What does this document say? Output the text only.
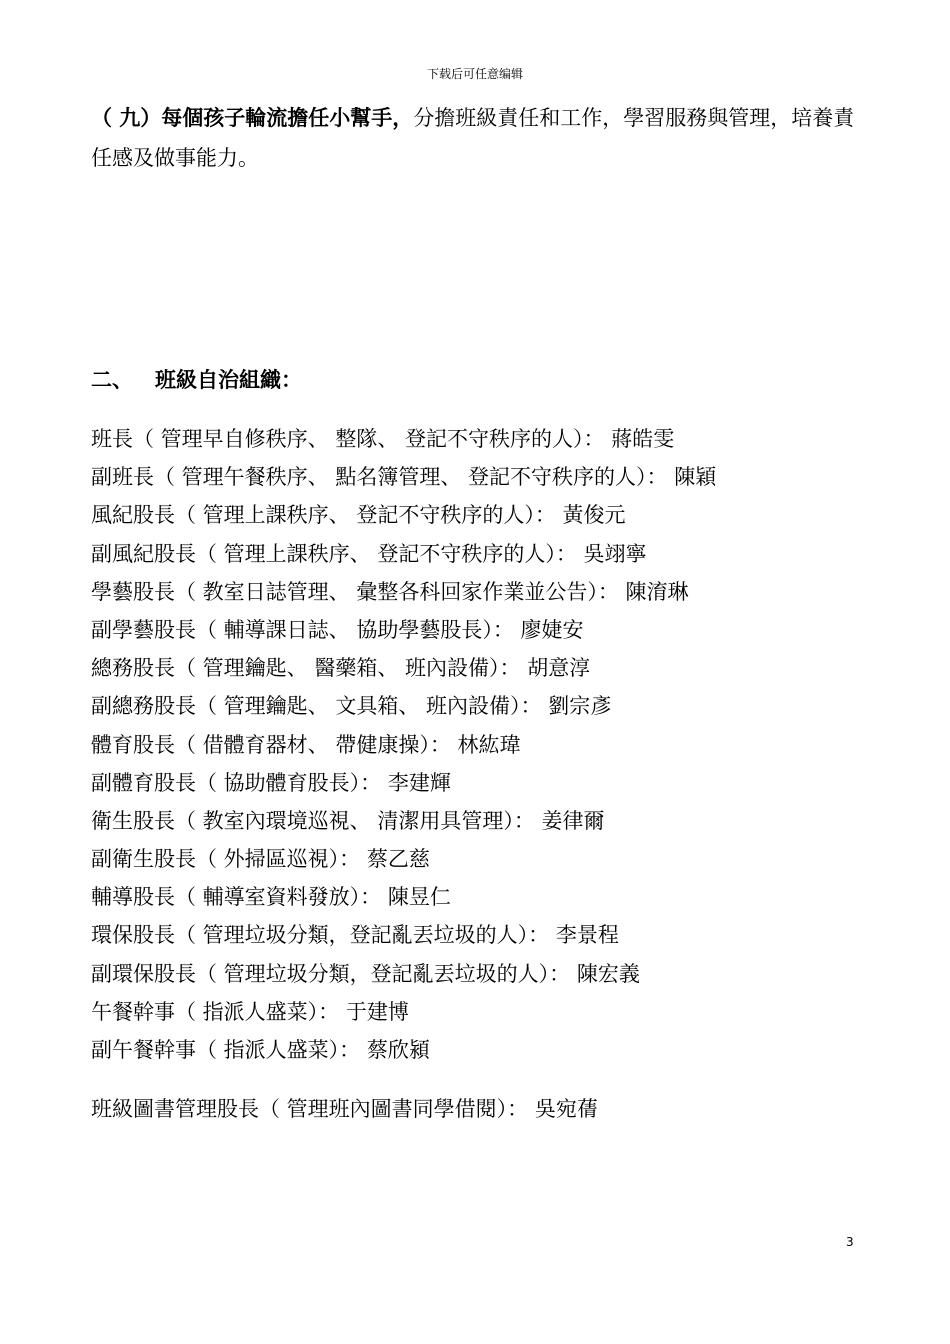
下载后可任意编辑
（ 九）每個孩子輪流擔任小幫手，分擔班級責任和工作，學習服務與管理，培養責任感及做事能力。
二、 班級自治組織：
班長（ 管理早自修秩序、 整隊、 登記不守秩序的人）： 蔣皓雯
副班長（ 管理午餐秩序、 點名簿管理、 登記不守秩序的人）： 陳穎
風紀股長（ 管理上課秩序、 登記不守秩序的人）： 黃俊元
副風紀股長（ 管理上課秩序、 登記不守秩序的人）： 吳翊寧
學藝股長（ 教室日誌管理、 彙整各科回家作業並公告）： 陳淯琳
副學藝股長（ 輔導課日誌、 協助學藝股長）： 廖婕安
總務股長（ 管理鑰匙、 醫藥箱、 班內設備）： 胡意淳
副總務股長（ 管理鑰匙、 文具箱、 班內設備）： 劉宗彥
體育股長（ 借體育器材、 帶健康操）： 林紘瑋
副體育股長（ 協助體育股長）： 李建輝
衛生股長（ 教室內環境巡視、 清潔用具管理）： 姜律爾
副衛生股長（ 外掃區巡視）： 蔡乙慈
輔導股長（ 輔導室資料發放）： 陳昱仁
環保股長（ 管理垃圾分類，登記亂丟垃圾的人）： 李景程
副環保股長（ 管理垃圾分類，登記亂丟垃圾的人）： 陳宏義
午餐幹事（ 指派人盛菜）： 于建博
副午餐幹事（ 指派人盛菜）： 蔡欣潁
班級圖書管理股長（ 管理班內圖書同學借閱）： 吳宛蒨
3
